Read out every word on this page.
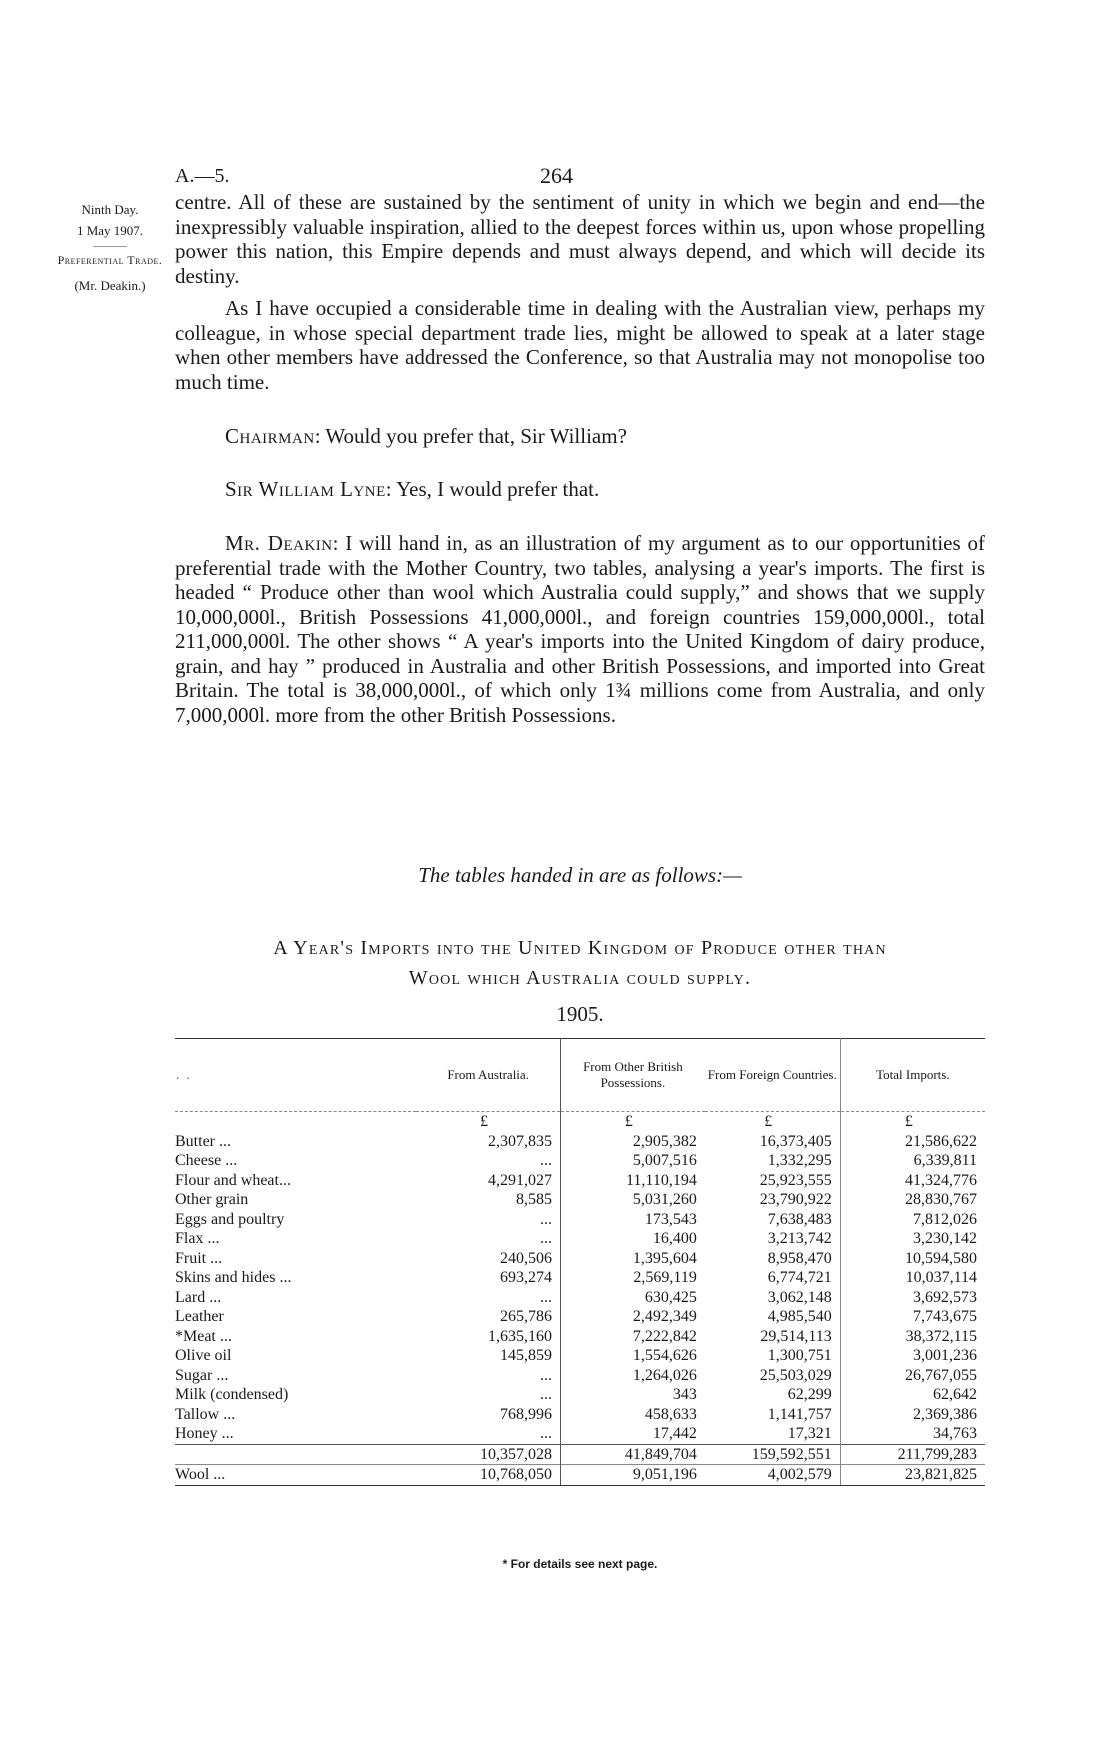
A.—5.	264
Ninth Day.
1 May 1907.
Preferential Trade.
(Mr. Deakin.)

centre. All of these are sustained by the sentiment of unity in which we begin and end—the inexpressibly valuable inspiration, allied to the deepest forces within us, upon whose propelling power this nation, this Empire depends and must always depend, and which will decide its destiny.

As I have occupied a considerable time in dealing with the Australian view, perhaps my colleague, in whose special department trade lies, might be allowed to speak at a later stage when other members have addressed the Conference, so that Australia may not monopolise too much time.

Chairman: Would you prefer that, Sir William?

Sir William Lyne: Yes, I would prefer that.

Mr. Deakin: I will hand in, as an illustration of my argument as to our opportunities of preferential trade with the Mother Country, two tables, analysing a year's imports. The first is headed “ Produce other than wool which Australia could supply,” and shows that we supply 10,000,000l., British Possessions 41,000,000l., and foreign countries 159,000,000l., total 211,000,000l. The other shows “ A year's imports into the United Kingdom of dairy produce, grain, and hay ” produced in Australia and other British Possessions, and imported into Great Britain. The total is 38,000,000l., of which only 1¾ millions come from Australia, and only 7,000,000l. more from the other British Possessions.

The tables handed in are as follows:—
A Year's Imports into the United Kingdom of Produce other than
Wool which Australia could supply.
1905.
. .	From Australia.	From Other British Possessions.	From Foreign Countries.	Total Imports.
	£	£	£	£
Butter ...	2,307,835	2,905,382	16,373,405	21,586,622
Cheese ...	...	5,007,516	1,332,295	6,339,811
Flour and wheat...	4,291,027	11,110,194	25,923,555	41,324,776
Other grain	8,585	5,031,260	23,790,922	28,830,767
Eggs and poultry	...	173,543	7,638,483	7,812,026
Flax ...	...	16,400	3,213,742	3,230,142
Fruit ...	240,506	1,395,604	8,958,470	10,594,580
Skins and hides ...	693,274	2,569,119	6,774,721	10,037,114
Lard ...	...	630,425	3,062,148	3,692,573
Leather	265,786	2,492,349	4,985,540	7,743,675
*Meat ...	1,635,160	7,222,842	29,514,113	38,372,115
Olive oil	145,859	1,554,626	1,300,751	3,001,236
Sugar ...	...	1,264,026	25,503,029	26,767,055
Milk (condensed)	...	343	62,299	62,642
Tallow ...	768,996	458,633	1,141,757	2,369,386
Honey ...	...	17,442	17,321	34,763
	10,357,028	41,849,704	159,592,551	211,799,283
Wool ...	10,768,050	9,051,196	4,002,579	23,821,825
* For details see next page.
